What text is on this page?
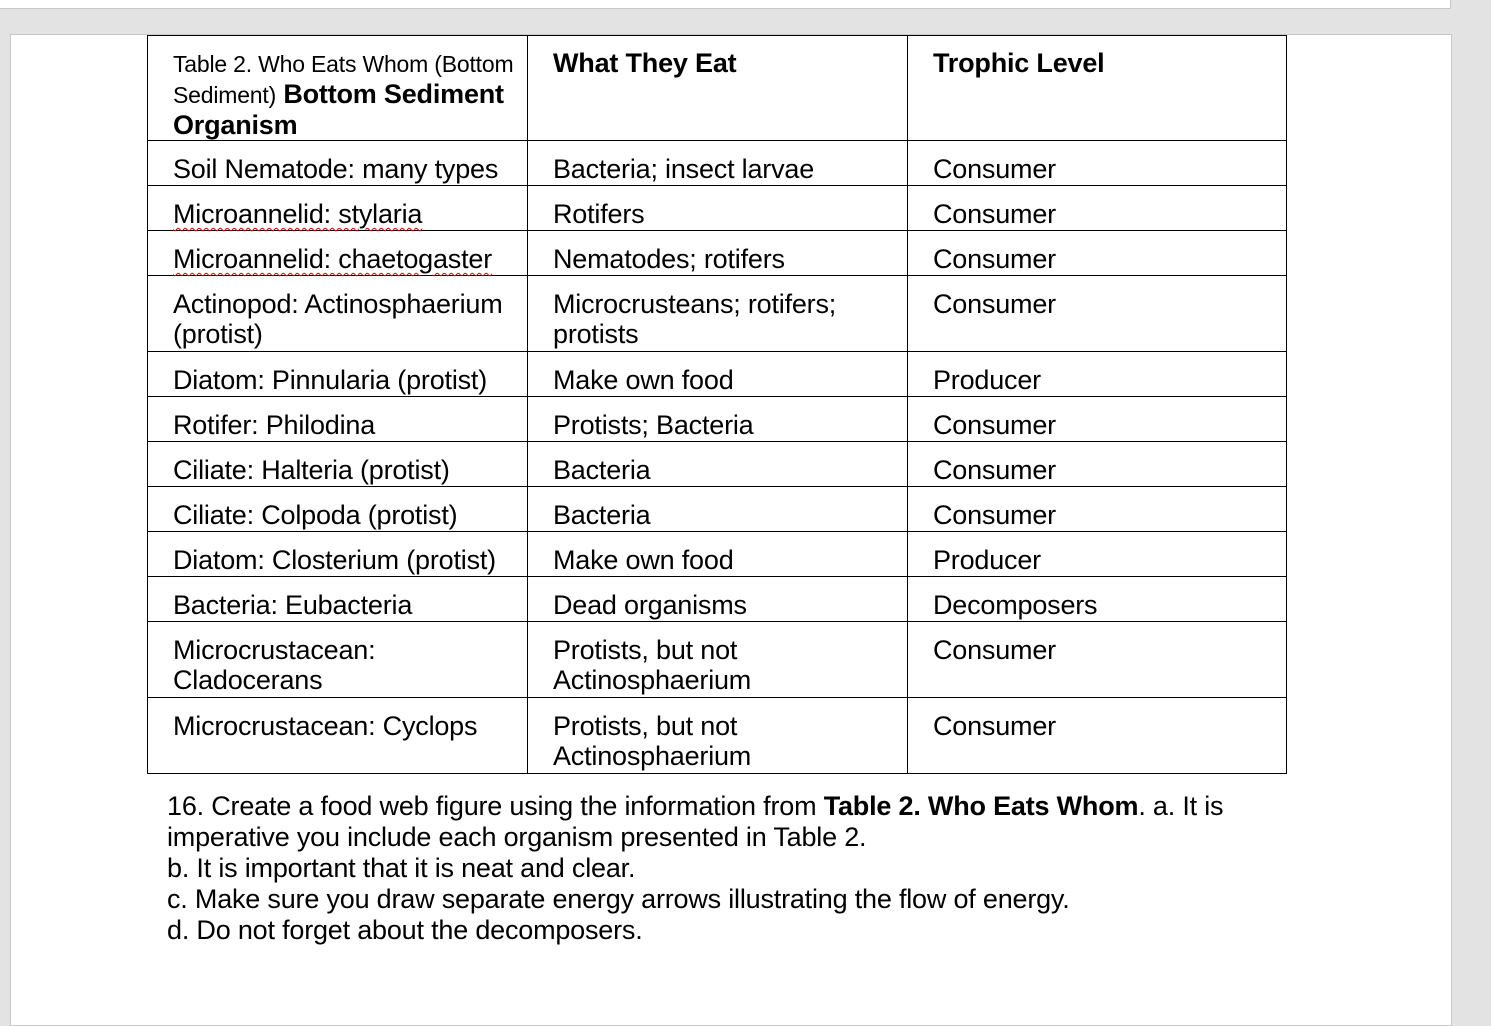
Table 2. Who Eats Whom (Bottom Sediment) Bottom Sediment Organism	What They Eat	Trophic Level
Soil Nematode: many types	Bacteria; insect larvae	Consumer
Microannelid: stylaria	Rotifers	Consumer
Microannelid: chaetogaster	Nematodes; rotifers	Consumer
Actinopod: Actinosphaerium (protist)	Microcrusteans; rotifers; protists	Consumer
Diatom: Pinnularia (protist)	Make own food	Producer
Rotifer: Philodina	Protists; Bacteria	Consumer
Ciliate: Halteria (protist)	Bacteria	Consumer
Ciliate: Colpoda (protist)	Bacteria	Consumer
Diatom: Closterium (protist)	Make own food	Producer
Bacteria: Eubacteria	Dead organisms	Decomposers
Microcrustacean: Cladocerans	Protists, but not Actinosphaerium	Consumer
Microcrustacean: Cyclops	Protists, but not Actinosphaerium	Consumer

16. Create a food web figure using the information from Table 2. Who Eats Whom. a. It is imperative you include each organism presented in Table 2.

b. It is important that it is neat and clear.

c. Make sure you draw separate energy arrows illustrating the flow of energy.

d. Do not forget about the decomposers.
